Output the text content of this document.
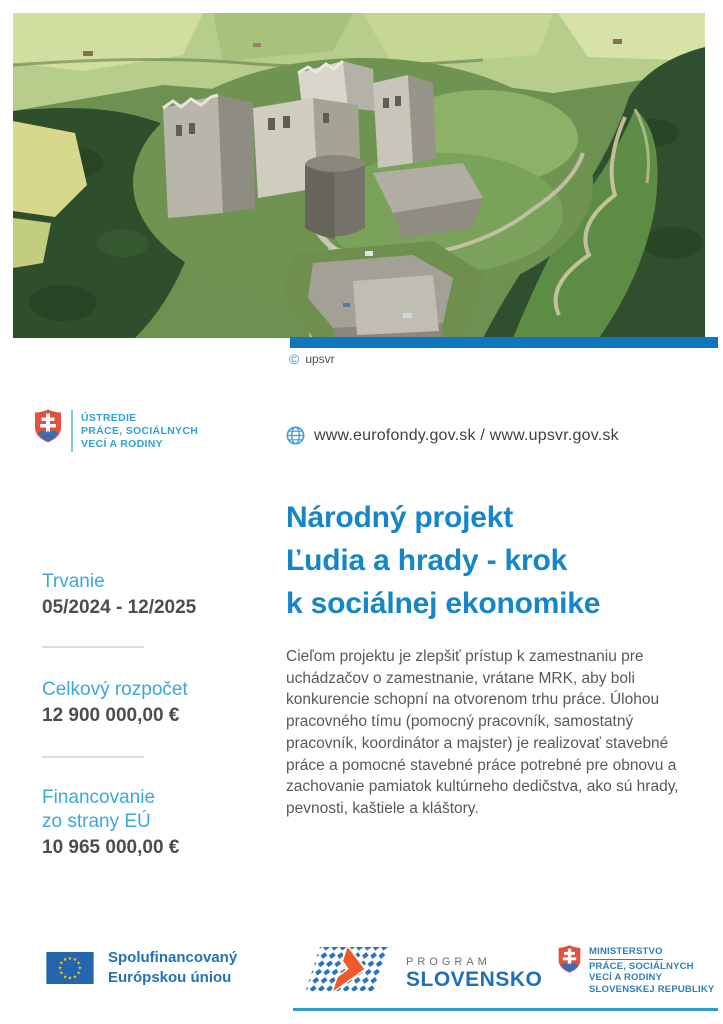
© upsvr
ÚSTREDIE
PRÁCE, SOCIÁLNYCH
VECÍ A RODINY
www.eurofondy.gov.sk / www.upsvr.gov.sk
Národný projekt
Ľudia a hrady - krok
k sociálnej ekonomike

Cieľom projektu je zlepšiť prístup k zamestnaniu pre uchádzačov o zamestnanie, vrátane MRK, aby boli konkurencie schopní na otvorenom trhu práce. Úlohou pracovného tímu (pomocný pracovník, samostatný pracovník, koordinátor a majster) je realizovať stavebné práce a pomocné stavebné práce potrebné pre obnovu a zachovanie pamiatok kultúrneho dedičstva, ako sú hrady, pevnosti, kaštiele a kláštory.

Trvanie
05/2024 - 12/2025
Celkový rozpočet
12 900 000,00 €
Financovanie
zo strany EÚ
10 965 000,00 €
★ ★
★
★
★
★
★
★
★
★
★
★	Spolufinancovaný
Európskou úniou
PROGRAM
SLOVENSKO
MINISTERSTVO
PRÁCE, SOCIÁLNYCH
VECÍ A RODINY
SLOVENSKEJ REPUBLIKY
